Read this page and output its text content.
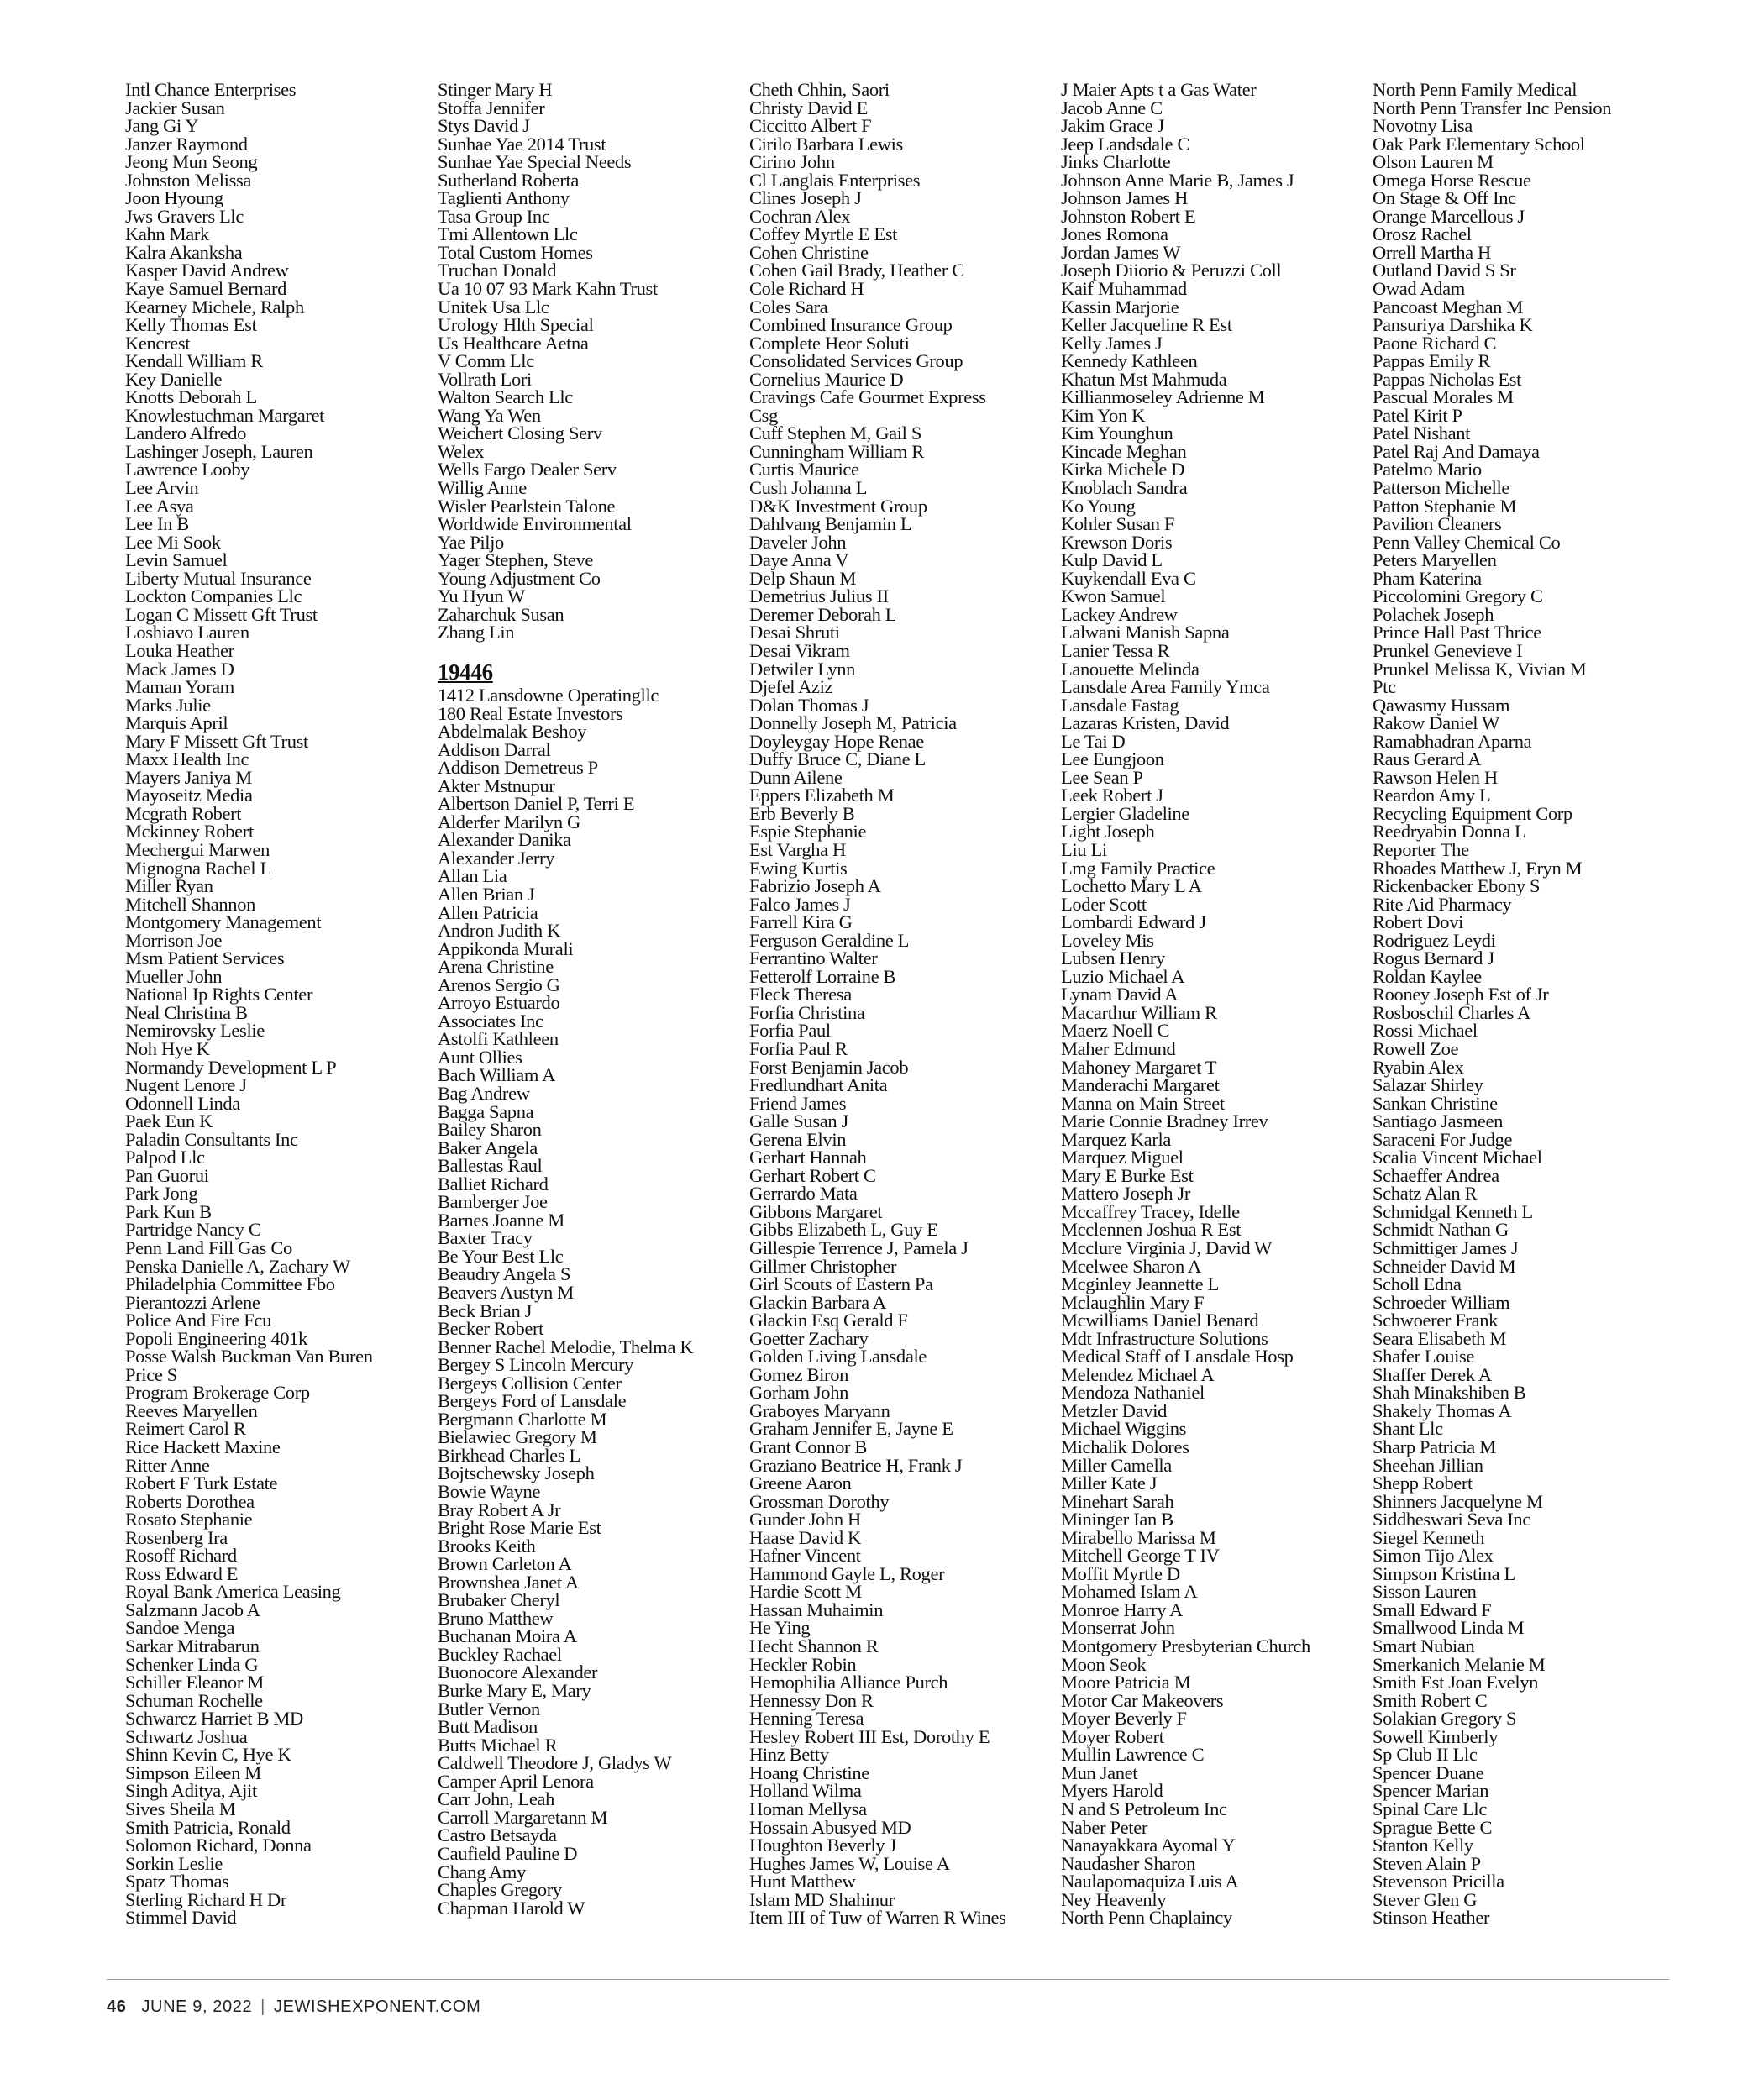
Intl Chance Enterprises
Jackier Susan
Jang Gi Y
Janzer Raymond
Jeong Mun Seong
Johnston Melissa
Joon Hyoung
Jws Gravers Llc
Kahn Mark
Kalra Akanksha
Kasper David Andrew
Kaye Samuel Bernard
Kearney Michele, Ralph
Kelly Thomas Est
Kencrest
Kendall William R
Key Danielle
Knotts Deborah L
Knowlestuchman Margaret
Landero Alfredo
Lashinger Joseph, Lauren
Lawrence Looby
Lee Arvin
Lee Asya
Lee In B
Lee Mi Sook
Levin Samuel
Liberty Mutual Insurance
Lockton Companies Llc
Logan C Missett Gft Trust
Loshiavo Lauren
Louka Heather
Mack James D
Maman Yoram
Marks Julie
Marquis April
Mary F Missett Gft Trust
Maxx Health Inc
Mayers Janiya M
Mayoseitz Media
Mcgrath Robert
Mckinney Robert
Mechergui Marwen
Mignogna Rachel L
Miller Ryan
Mitchell Shannon
Montgomery Management
Morrison Joe
Msm Patient Services
Mueller John
National Ip Rights Center
Neal Christina B
Nemirovsky Leslie
Noh Hye K
Normandy Development L P
Nugent Lenore J
Odonnell Linda
Paek Eun K
Paladin Consultants Inc
Palpod Llc
Pan Guorui
Park Jong
Park Kun B
Partridge Nancy C
Penn Land Fill Gas Co
Penska Danielle A, Zachary W
Philadelphia Committee Fbo
Pierantozzi Arlene
Police And Fire Fcu
Popoli Engineering 401k
Posse Walsh Buckman Van Buren
Price S
Program Brokerage Corp
Reeves Maryellen
Reimert Carol R
Rice Hackett Maxine
Ritter Anne
Robert F Turk Estate
Roberts Dorothea
Rosato Stephanie
Rosenberg Ira
Rosoff Richard
Ross Edward E
Royal Bank America Leasing
Salzmann Jacob A
Sandoe Menga
Sarkar Mitrabarun
Schenker Linda G
Schiller Eleanor M
Schuman Rochelle
Schwarcz Harriet B MD
Schwartz Joshua
Shinn Kevin C, Hye K
Simpson Eileen M
Singh Aditya, Ajit
Sives Sheila M
Smith Patricia, Ronald
Solomon Richard, Donna
Sorkin Leslie
Spatz Thomas
Sterling Richard H Dr
Stimmel David
Stinger Mary H
Stoffa Jennifer
Stys David J
Sunhae Yae 2014 Trust
Sunhae Yae Special Needs
Sutherland Roberta
Taglienti Anthony
Tasa Group Inc
Tmi Allentown Llc
Total Custom Homes
Truchan Donald
Ua 10 07 93 Mark Kahn Trust
Unitek Usa Llc
Urology Hlth Special
Us Healthcare Aetna
V Comm Llc
Vollrath Lori
Walton Search Llc
Wang Ya Wen
Weichert Closing Serv
Welex
Wells Fargo Dealer Serv
Willig Anne
Wisler Pearlstein Talone
Worldwide Environmental
Yae Piljo
Yager Stephen, Steve
Young Adjustment Co
Yu Hyun W
Zaharchuk Susan
Zhang Lin
19446
1412 Lansdowne Operatingllc
180 Real Estate Investors
Abdelmalak Beshoy
Addison Darral
Addison Demetreus P
Akter Mstnupur
Albertson Daniel P, Terri E
Alderfer Marilyn G
Alexander Danika
Alexander Jerry
Allan Lia
Allen Brian J
Allen Patricia
Andron Judith K
Appikonda Murali
Arena Christine
Arenos Sergio G
Arroyo Estuardo
Associates Inc
Astolfi Kathleen
Aunt Ollies
Bach William A
Bag Andrew
Bagga Sapna
Bailey Sharon
Baker Angela
Ballestas Raul
Balliet Richard
Bamberger Joe
Barnes Joanne M
Baxter Tracy
Be Your Best Llc
Beaudry Angela S
Beavers Austyn M
Beck Brian J
Becker Robert
Benner Rachel Melodie, Thelma K
Bergey S Lincoln Mercury
Bergeys Collision Center
Bergeys Ford of Lansdale
Bergmann Charlotte M
Bielawiec Gregory M
Birkhead Charles L
Bojtschewsky Joseph
Bowie Wayne
Bray Robert A Jr
Bright Rose Marie Est
Brooks Keith
Brown Carleton A
Brownshea Janet A
Brubaker Cheryl
Bruno Matthew
Buchanan Moira A
Buckley Rachael
Buonocore Alexander
Burke Mary E, Mary
Butler Vernon
Butt Madison
Butts Michael R
Caldwell Theodore J, Gladys W
Camper April Lenora
Carr John, Leah
Carroll Margaretann M
Castro Betsayda
Caufield Pauline D
Chang Amy
Chaples Gregory
Chapman Harold W
Cheth Chhin, Saori
Christy David E
Ciccitto Albert F
Cirilo Barbara Lewis
Cirino John
Cl Langlais Enterprises
Clines Joseph J
Cochran Alex
Coffey Myrtle E Est
Cohen Christine
Cohen Gail Brady, Heather C
Cole Richard H
Coles Sara
Combined Insurance Group
Complete Heor Soluti
Consolidated Services Group
Cornelius Maurice D
Cravings Cafe Gourmet Express
Csg
Cuff Stephen M, Gail S
Cunningham William R
Curtis Maurice
Cush Johanna L
D&K Investment Group
Dahlvang Benjamin L
Daveler John
Daye Anna V
Delp Shaun M
Demetrius Julius II
Deremer Deborah L
Desai Shruti
Desai Vikram
Detwiler Lynn
Djefel Aziz
Dolan Thomas J
Donnelly Joseph M, Patricia
Doyleygay Hope Renae
Duffy Bruce C, Diane L
Dunn Ailene
Eppers Elizabeth M
Erb Beverly B
Espie Stephanie
Est Vargha H
Ewing Kurtis
Fabrizio Joseph A
Falco James J
Farrell Kira G
Ferguson Geraldine L
Ferrantino Walter
Fetterolf Lorraine B
Fleck Theresa
Forfia Christina
Forfia Paul
Forfia Paul R
Forst Benjamin Jacob
Fredlundhart Anita
Friend James
Galle Susan J
Gerena Elvin
Gerhart Hannah
Gerhart Robert C
Gerrardo Mata
Gibbons Margaret
Gibbs Elizabeth L, Guy E
Gillespie Terrence J, Pamela J
Gillmer Christopher
Girl Scouts of Eastern Pa
Glackin Barbara A
Glackin Esq Gerald F
Goetter Zachary
Golden Living Lansdale
Gomez Biron
Gorham John
Graboyes Maryann
Graham Jennifer E, Jayne E
Grant Connor B
Graziano Beatrice H, Frank J
Greene Aaron
Grossman Dorothy
Gunder John H
Haase David K
Hafner Vincent
Hammond Gayle L, Roger
Hardie Scott M
Hassan Muhaimin
He Ying
Hecht Shannon R
Heckler Robin
Hemophilia Alliance Purch
Hennessy Don R
Henning Teresa
Hesley Robert III Est, Dorothy E
Hinz Betty
Hoang Christine
Holland Wilma
Homan Mellysa
Hossain Abusyed MD
Houghton Beverly J
Hughes James W, Louise A
Hunt Matthew
Islam MD Shahinur
Item III of Tuw of Warren R Wines
J Maier Apts t a Gas Water
Jacob Anne C
Jakim Grace J
Jeep Landsdale C
Jinks Charlotte
Johnson Anne Marie B, James J
Johnson James H
Johnston Robert E
Jones Romona
Jordan James W
Joseph Diiorio & Peruzzi Coll
Kaif Muhammad
Kassin Marjorie
Keller Jacqueline R Est
Kelly James J
Kennedy Kathleen
Khatun Mst Mahmuda
Killianmoseley Adrienne M
Kim Yon K
Kim Younghun
Kincade Meghan
Kirka Michele D
Knoblach Sandra
Ko Young
Kohler Susan F
Krewson Doris
Kulp David L
Kuykendall Eva C
Kwon Samuel
Lackey Andrew
Lalwani Manish Sapna
Lanier Tessa R
Lanouette Melinda
Lansdale Area Family Ymca
Lansdale Fastag
Lazaras Kristen, David
Le Tai D
Lee Eungjoon
Lee Sean P
Leek Robert J
Lergier Gladeline
Light Joseph
Liu Li
Lmg Family Practice
Lochetto Mary L A
Loder Scott
Lombardi Edward J
Loveley Mis
Lubsen Henry
Luzio Michael A
Lynam David A
Macarthur William R
Maerz Noell C
Maher Edmund
Mahoney Margaret T
Manderachi Margaret
Manna on Main Street
Marie Connie Bradney Irrev
Marquez Karla
Marquez Miguel
Mary E Burke Est
Mattero Joseph Jr
Mccaffrey Tracey, Idelle
Mcclennen Joshua R Est
Mcclure Virginia J, David W
Mcelwee Sharon A
Mcginley Jeannette L
Mclaughlin Mary F
Mcwilliams Daniel Benard
Mdt Infrastructure Solutions
Medical Staff of Lansdale Hosp
Melendez Michael A
Mendoza Nathaniel
Metzler David
Michael Wiggins
Michalik Dolores
Miller Camella
Miller Kate J
Minehart Sarah
Mininger Ian B
Mirabello Marissa M
Mitchell George T IV
Moffit Myrtle D
Mohamed Islam A
Monroe Harry A
Monserrat John
Montgomery Presbyterian Church
Moon Seok
Moore Patricia M
Motor Car Makeovers
Moyer Beverly F
Moyer Robert
Mullin Lawrence C
Mun Janet
Myers Harold
N and S Petroleum Inc
Naber Peter
Nanayakkara Ayomal Y
Naudasher Sharon
Naulapomaquiza Luis A
Ney Heavenly
North Penn Chaplaincy
North Penn Family Medical
North Penn Transfer Inc Pension
Novotny Lisa
Oak Park Elementary School
Olson Lauren M
Omega Horse Rescue
On Stage & Off Inc
Orange Marcellous J
Orosz Rachel
Orrell Martha H
Outland David S Sr
Owad Adam
Pancoast Meghan M
Pansuriya Darshika K
Paone Richard C
Pappas Emily R
Pappas Nicholas Est
Pascual Morales M
Patel Kirit P
Patel Nishant
Patel Raj And Damaya
Patelmo Mario
Patterson Michelle
Patton Stephanie M
Pavilion Cleaners
Penn Valley Chemical Co
Peters Maryellen
Pham Katerina
Piccolomini Gregory C
Polachek Joseph
Prince Hall Past Thrice
Prunkel Genevieve I
Prunkel Melissa K, Vivian M
Ptc
Qawasmy Hussam
Rakow Daniel W
Ramabhadran Aparna
Raus Gerard A
Rawson Helen H
Reardon Amy L
Recycling Equipment Corp
Reedryabin Donna L
Reporter The
Rhoades Matthew J, Eryn M
Rickenbacker Ebony S
Rite Aid Pharmacy
Robert Dovi
Rodriguez Leydi
Rogus Bernard J
Roldan Kaylee
Rooney Joseph Est of Jr
Rosboschil Charles A
Rossi Michael
Rowell Zoe
Ryabin Alex
Salazar Shirley
Sankan Christine
Santiago Jasmeen
Saraceni For Judge
Scalia Vincent Michael
Schaeffer Andrea
Schatz Alan R
Schmidgal Kenneth L
Schmidt Nathan G
Schmittiger James J
Schneider David M
Scholl Edna
Schroeder William
Schwoerer Frank
Seara Elisabeth M
Shafer Louise
Shaffer Derek A
Shah Minakshiben B
Shakely Thomas A
Shant Llc
Sharp Patricia M
Sheehan Jillian
Shepp Robert
Shinners Jacquelyne M
Siddheswari Seva Inc
Siegel Kenneth
Simon Tijo Alex
Simpson Kristina L
Sisson Lauren
Small Edward F
Smallwood Linda M
Smart Nubian
Smerkanich Melanie M
Smith Est Joan Evelyn
Smith Robert C
Solakian Gregory S
Sowell Kimberly
Sp Club II Llc
Spencer Duane
Spencer Marian
Spinal Care Llc
Sprague Bette C
Stanton Kelly
Steven Alain P
Stevenson Pricilla
Stever Glen G
Stinson Heather
46 JUNE 9, 2022 | JEWISHEXPONENT.COM
